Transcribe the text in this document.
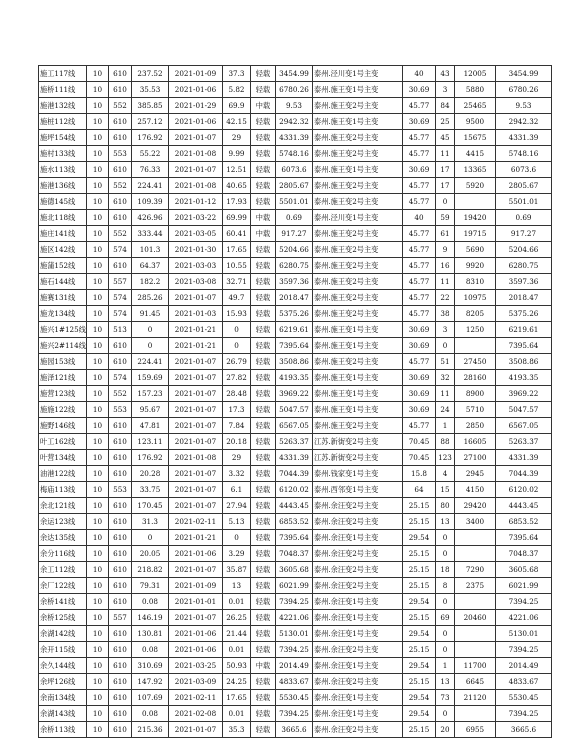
施工117线	10	610	237.52	2021-01-09	37.3	轻载	3454.99	泰州.泾川变1号主变	40	43	12005	3454.99
施桥111线	10	610	35.53	2021-01-06	5.82	轻载	6780.26	泰州.施王变1号主变	30.69	3	5880	6780.26
施港132线	10	552	385.85	2021-01-29	69.9	中载	9.53	泰州.施王变2号主变	45.77	84	25465	9.53
施桩112线	10	610	257.12	2021-01-06	42.15	轻载	2942.32	泰州.施王变1号主变	30.69	25	9500	2942.32
施坪154线	10	610	176.92	2021-01-07	29	轻载	4331.39	泰州.施王变2号主变	45.77	45	15675	4331.39
施村133线	10	553	55.22	2021-01-08	9.99	轻载	5748.16	泰州.施王变2号主变	45.77	11	4415	5748.16
施水113线	10	610	76.33	2021-01-07	12.51	轻载	6073.6	泰州.施王变1号主变	30.69	17	13365	6073.6
施港136线	10	552	224.41	2021-01-08	40.65	轻载	2805.67	泰州.施王变2号主变	45.77	17	5920	2805.67
施德145线	10	610	109.39	2021-01-12	17.93	轻载	5501.01	泰州.施王变2号主变	45.77	0		5501.01
施北118线	10	610	426.96	2021-03-22	69.99	中载	0.69	泰州.泾川变1号主变	40	59	19420	0.69
施庄141线	10	552	333.44	2021-03-05	60.41	中载	917.27	泰州.施王变2号主变	45.77	61	19715	917.27
施区142线	10	574	101.3	2021-01-30	17.65	轻载	5204.66	泰州.施王变2号主变	45.77	9	5690	5204.66
施蒲152线	10	610	64.37	2021-03-03	10.55	轻载	6280.75	泰州.施王变2号主变	45.77	16	9920	6280.75
施石144线	10	557	182.2	2021-03-08	32.71	轻载	3597.36	泰州.施王变2号主变	45.77	11	8310	3597.36
施赛131线	10	574	285.26	2021-01-07	49.7	轻载	2018.47	泰州.施王变2号主变	45.77	22	10975	2018.47
施龙134线	10	574	91.45	2021-01-03	15.93	轻载	5375.26	泰州.施王变2号主变	45.77	38	8205	5375.26
施兴1#125线	10	513	0	2021-01-21	0	轻载	6219.61	泰州.施王变1号主变	30.69	3	1250	6219.61
施兴2#114线	10	610	0	2021-01-21	0	轻载	7395.64	泰州.施王变1号主变	30.69	0		7395.64
施园153线	10	610	224.41	2021-01-07	26.79	轻载	3508.86	泰州.施王变2号主变	45.77	51	27450	3508.86
施泽121线	10	574	159.69	2021-01-07	27.82	轻载	4193.35	泰州.施王变1号主变	30.69	32	28160	4193.35
施营123线	10	552	157.23	2021-01-07	28.48	轻载	3969.22	泰州.施王变1号主变	30.69	11	8900	3969.22
施施122线	10	553	95.67	2021-01-07	17.3	轻载	5047.57	泰州.施王变1号主变	30.69	24	5710	5047.57
施野146线	10	610	47.81	2021-01-07	7.84	轻载	6567.05	泰州.施王变2号主变	45.77	1	2850	6567.05
叶工162线	10	610	123.11	2021-01-07	20.18	轻载	5263.37	江苏.新街变2号主变	70.45	88	16605	5263.37
叶营134线	10	610	176.92	2021-01-08	29	轻载	4331.39	江苏.新街变2号主变	70.45	123	27100	4331.39
油港122线	10	610	20.28	2021-01-07	3.32	轻载	7044.39	泰州.钱家变1号主变	15.8	4	2945	7044.39
梅庙113线	10	553	33.75	2021-01-07	6.1	轻载	6120.02	泰州.西邻变1号主变	64	15	4150	6120.02
余北121线	10	610	170.45	2021-01-07	27.94	轻载	4443.45	泰州.余汪变2号主变	25.15	80	29420	4443.45
余运123线	10	610	31.3	2021-02-11	5.13	轻载	6853.52	泰州.余汪变2号主变	25.15	13	3400	6853.52
余达135线	10	610	0	2021-01-21	0	轻载	7395.64	泰州.余汪变1号主变	29.54	0		7395.64
余分116线	10	610	20.05	2021-01-06	3.29	轻载	7048.37	泰州.余汪变2号主变	25.15	0		7048.37
余工112线	10	610	218.82	2021-01-07	35.87	轻载	3605.68	泰州.余汪变2号主变	25.15	18	7290	3605.68
余厂122线	10	610	79.31	2021-01-09	13	轻载	6021.99	泰州.余汪变2号主变	25.15	8	2375	6021.99
余桥141线	10	610	0.08	2021-01-01	0.01	轻载	7394.25	泰州.余汪变1号主变	29.54	0		7394.25
余桥125线	10	557	146.19	2021-01-07	26.25	轻载	4221.06	泰州.余汪变1号主变	25.15	69	20460	4221.06
余湖142线	10	610	130.81	2021-01-06	21.44	轻载	5130.01	泰州.余汪变1号主变	29.54	0		5130.01
余开115线	10	610	0.08	2021-01-06	0.01	轻载	7394.25	泰州.余汪变2号主变	25.15	0		7394.25
余久144线	10	610	310.69	2021-03-25	50.93	中载	2014.49	泰州.余汪变1号主变	29.54	1	11700	2014.49
余坪126线	10	610	147.92	2021-03-09	24.25	轻载	4833.67	泰州.余汪变2号主变	25.15	13	6645	4833.67
余南134线	10	610	107.69	2021-02-11	17.65	轻载	5530.45	泰州.余汪变1号主变	29.54	73	21120	5530.45
余湖143线	10	610	0.08	2021-02-08	0.01	轻载	7394.25	泰州.余汪变1号主变	29.54	0		7394.25
余桥113线	10	610	215.36	2021-01-07	35.3	轻载	3665.6	泰州.余汪变2号主变	25.15	20	6955	3665.6
